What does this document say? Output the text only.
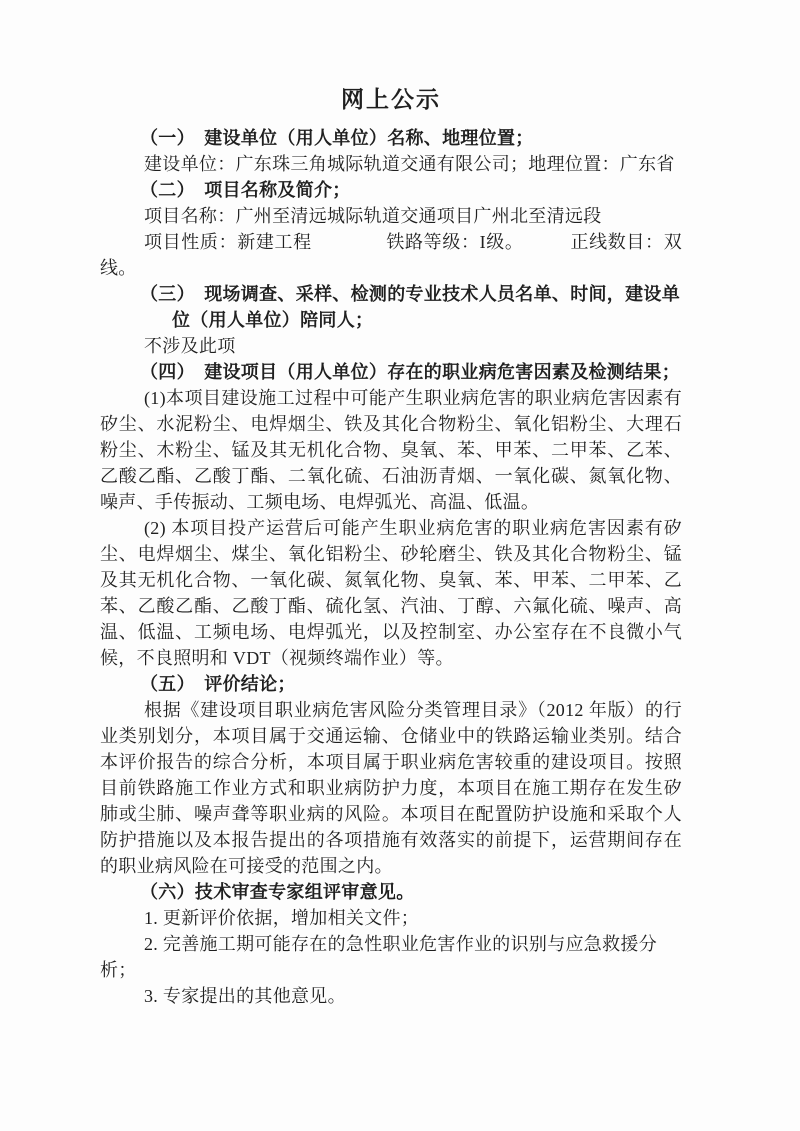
网上公示

（一）　建设单位（用人单位）名称、地理位置；

建设单位：广东珠三角城际轨道交通有限公司；地理位置：广东省

（二）　项目名称及简介；

项目名称：广州至清远城际轨道交通项目广州北至清远段

项目性质：新建工程　　　　铁路等级：I级。　　　正线数目：双线。

（三）　现场调查、采样、检测的专业技术人员名单、时间，建设单位（用人单位）陪同人；

不涉及此项

（四）　建设项目（用人单位）存在的职业病危害因素及检测结果；

(1)本项目建设施工过程中可能产生职业病危害的职业病危害因素有矽尘、水泥粉尘、电焊烟尘、铁及其化合物粉尘、氧化铝粉尘、大理石粉尘、木粉尘、锰及其无机化合物、臭氧、苯、甲苯、二甲苯、乙苯、乙酸乙酯、乙酸丁酯、二氧化硫、石油沥青烟、一氧化碳、氮氧化物、噪声、手传振动、工频电场、电焊弧光、高温、低温。

(2) 本项目投产运营后可能产生职业病危害的职业病危害因素有矽尘、电焊烟尘、煤尘、氧化铝粉尘、砂轮磨尘、铁及其化合物粉尘、锰及其无机化合物、一氧化碳、氮氧化物、臭氧、苯、甲苯、二甲苯、乙苯、乙酸乙酯、乙酸丁酯、硫化氢、汽油、丁醇、六氟化硫、噪声、高温、低温、工频电场、电焊弧光，以及控制室、办公室存在不良微小气候，不良照明和 VDT（视频终端作业）等。

（五）　评价结论；

根据《建设项目职业病危害风险分类管理目录》（2012 年版）的行业类别划分，本项目属于交通运输、仓储业中的铁路运输业类别。结合本评价报告的综合分析，本项目属于职业病危害较重的建设项目。按照目前铁路施工作业方式和职业病防护力度，本项目在施工期存在发生矽肺或尘肺、噪声聋等职业病的风险。本项目在配置防护设施和采取个人防护措施以及本报告提出的各项措施有效落实的前提下，运营期间存在的职业病风险在可接受的范围之内。

（六）技术审查专家组评审意见。

1. 更新评价依据，增加相关文件；

2. 完善施工期可能存在的急性职业危害作业的识别与应急救援分析；

3. 专家提出的其他意见。
